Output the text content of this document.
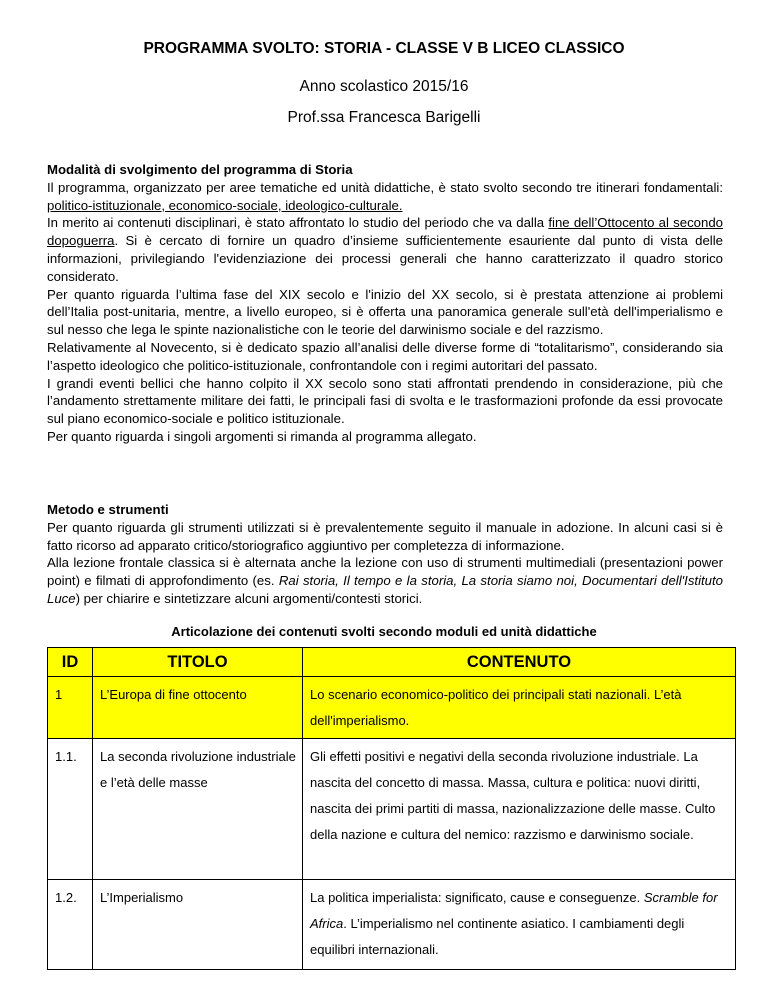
PROGRAMMA SVOLTO: STORIA - CLASSE V B LICEO CLASSICO
Anno scolastico 2015/16
Prof.ssa Francesca Barigelli

Modalità di svolgimento del programma di Storia

Il programma, organizzato per aree tematiche ed unità didattiche, è stato svolto secondo tre itinerari fondamentali: politico-istituzionale, economico-sociale, ideologico-culturale.

In merito ai contenuti disciplinari, è stato affrontato lo studio del periodo che va dalla fine dell’Ottocento al secondo dopoguerra. Si è cercato di fornire un quadro d’insieme sufficientemente esauriente dal punto di vista delle informazioni, privilegiando l'evidenziazione dei processi generali che hanno caratterizzato il quadro storico considerato.

Per quanto riguarda l’ultima fase del XIX secolo e l'inizio del XX secolo, si è prestata attenzione ai problemi dell’Italia post-unitaria, mentre, a livello europeo, si è offerta una panoramica generale sull'età dell'imperialismo e sul nesso che lega le spinte nazionalistiche con le teorie del darwinismo sociale e del razzismo.

Relativamente al Novecento, si è dedicato spazio all’analisi delle diverse forme di “totalitarismo”, considerando sia l’aspetto ideologico che politico-istituzionale, confrontandole con i regimi autoritari del passato.

I grandi eventi bellici che hanno colpito il XX secolo sono stati affrontati prendendo in considerazione, più che l’andamento strettamente militare dei fatti, le principali fasi di svolta e le trasformazioni profonde da essi provocate sul piano economico-sociale e politico istituzionale.

Per quanto riguarda i singoli argomenti si rimanda al programma allegato.

Metodo e strumenti

Per quanto riguarda gli strumenti utilizzati si è prevalentemente seguito il manuale in adozione. In alcuni casi si è fatto ricorso ad apparato critico/storiografico aggiuntivo per completezza di informazione.

Alla lezione frontale classica si è alternata anche la lezione con uso di strumenti multimediali (presentazioni power point) e filmati di approfondimento (es. Rai storia, Il tempo e la storia, La storia siamo noi, Documentari dell'Istituto Luce) per chiarire e sintetizzare alcuni argomenti/contesti storici.

Articolazione dei contenuti svolti secondo moduli ed unità didattiche
ID	TITOLO	CONTENUTO
1	L’Europa di fine ottocento	Lo scenario economico-politico dei principali stati nazionali. L’età dell'imperialismo.
1.1.	La seconda rivoluzione industriale e l’età delle masse	Gli effetti positivi e negativi della seconda rivoluzione industriale. La nascita del concetto di massa. Massa, cultura e politica: nuovi diritti, nascita dei primi partiti di massa, nazionalizzazione delle masse. Culto della nazione e cultura del nemico: razzismo e darwinismo sociale.
1.2.	L’Imperialismo	La politica imperialista: significato, cause e conseguenze. Scramble for Africa. L’imperialismo nel continente asiatico. I cambiamenti degli equilibri internazionali.
